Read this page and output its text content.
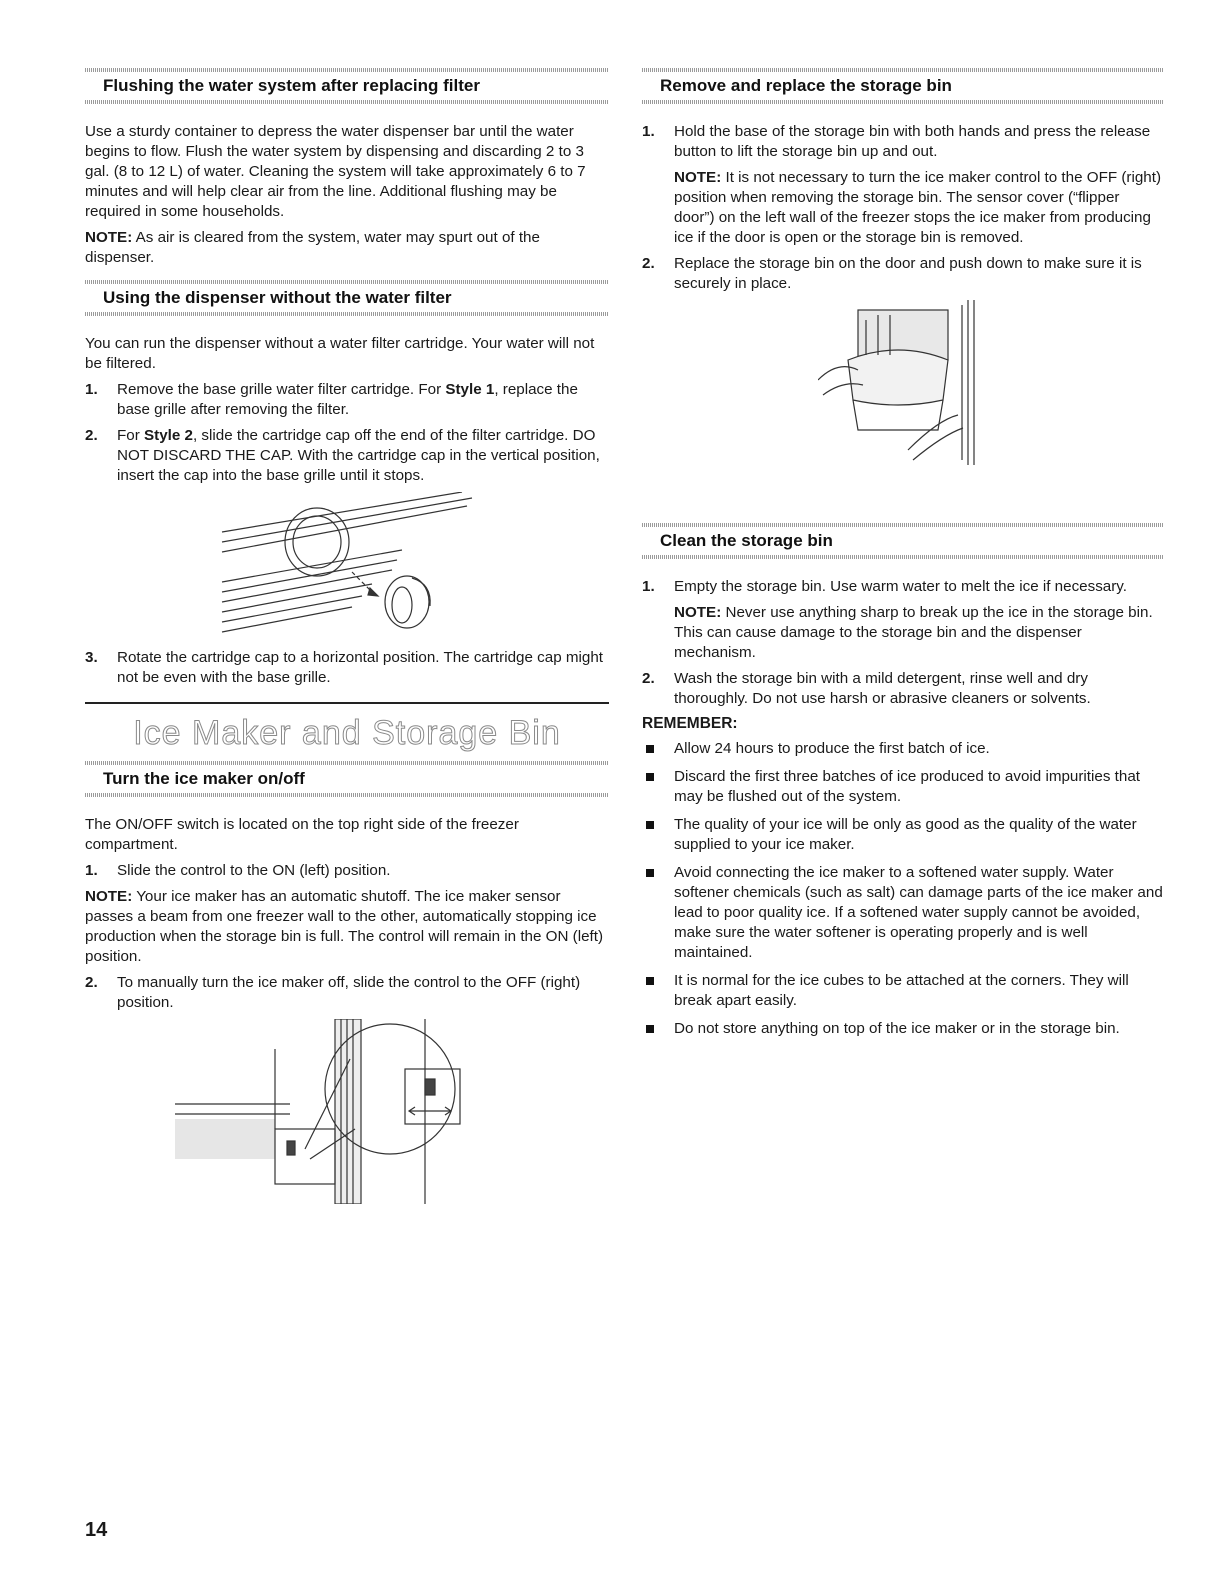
Flushing the water system after replacing filter

Use a sturdy container to depress the water dispenser bar until the water begins to flow. Flush the water system by dispensing and discarding 2 to 3 gal. (8 to 12 L) of water. Cleaning the system will take approximately 6 to 7 minutes and will help clear air from the line. Additional flushing may be required in some households.

NOTE: As air is cleared from the system, water may spurt out of the dispenser.

Using the dispenser without the water filter

You can run the dispenser without a water filter cartridge. Your water will not be filtered.

1. Remove the base grille water filter cartridge. For Style 1, replace the base grille after removing the filter.
2. For Style 2, slide the cartridge cap off the end of the filter cartridge. DO NOT DISCARD THE CAP. With the cartridge cap in the vertical position, insert the cap into the base grille until it stops.
3. Rotate the cartridge cap to a horizontal position. The cartridge cap might not be even with the base grille.
Ice Maker and Storage Bin
Turn the ice maker on/off

The ON/OFF switch is located on the top right side of the freezer compartment.

1. Slide the control to the ON (left) position.

NOTE: Your ice maker has an automatic shutoff. The ice maker sensor passes a beam from one freezer wall to the other, automatically stopping ice production when the storage bin is full. The control will remain in the ON (left) position.

2. To manually turn the ice maker off, slide the control to the OFF (right) position.
Remove and replace the storage bin
1. Hold the base of the storage bin with both hands and press the release button to lift the storage bin up and out.
NOTE: It is not necessary to turn the ice maker control to the OFF (right) position when removing the storage bin. The sensor cover (“flipper door”) on the left wall of the freezer stops the ice maker from producing ice if the door is open or the storage bin is removed.
2. Replace the storage bin on the door and push down to make sure it is securely in place.
Clean the storage bin
1. Empty the storage bin. Use warm water to melt the ice if necessary.
NOTE: Never use anything sharp to break up the ice in the storage bin. This can cause damage to the storage bin and the dispenser mechanism.
2. Wash the storage bin with a mild detergent, rinse well and dry thoroughly. Do not use harsh or abrasive cleaners or solvents.
REMEMBER:
Allow 24 hours to produce the first batch of ice.
Discard the first three batches of ice produced to avoid impurities that may be flushed out of the system.
The quality of your ice will be only as good as the quality of the water supplied to your ice maker.
Avoid connecting the ice maker to a softened water supply. Water softener chemicals (such as salt) can damage parts of the ice maker and lead to poor quality ice. If a softened water supply cannot be avoided, make sure the water softener is operating properly and is well maintained.
It is normal for the ice cubes to be attached at the corners. They will break apart easily.
Do not store anything on top of the ice maker or in the storage bin.
14
